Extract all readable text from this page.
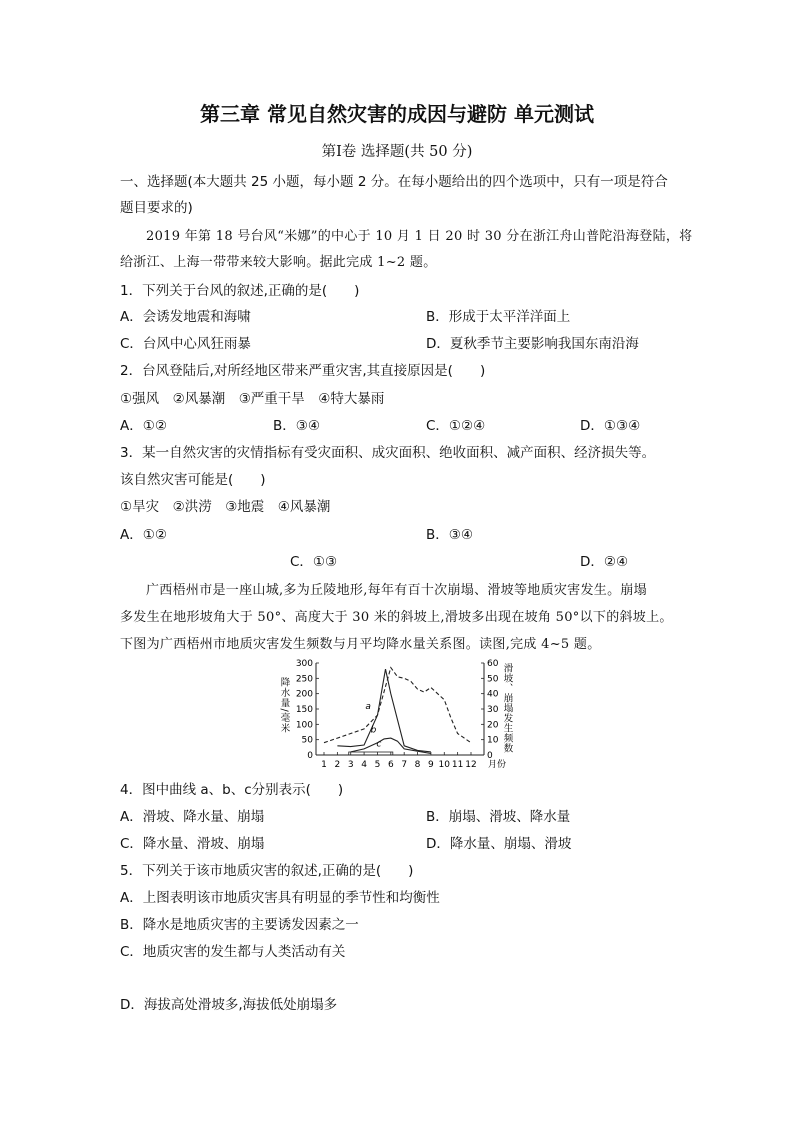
第三章 常见自然灾害的成因与避防 单元测试
第Ⅰ卷 选择题(共 50 分)
一、选择题(本大题共 25 小题，每小题 2 分。在每小题给出的四个选项中，只有一项是符合
题目要求的)
2019 年第 18 号台风“米娜”的中心于 10 月 1 日 20 时 30 分在浙江舟山普陀沿海登陆，将
给浙江、上海一带带来较大影响。据此完成 1~2 题。
1．下列关于台风的叙述,正确的是(　　)
A．会诱发地震和海啸	B．形成于太平洋洋面上
C．台风中心风狂雨暴	D．夏秋季节主要影响我国东南沿海
2．台风登陆后,对所经地区带来严重灾害,其直接原因是(　　)
①强风　②风暴潮　③严重干旱　④特大暴雨
A．①②	B．③④	C．①②④	D．①③④
3．某一自然灾害的灾情指标有受灾面积、成灾面积、绝收面积、减产面积、经济损失等。
该自然灾害可能是(　　)
①旱灾　②洪涝　③地震　④风暴潮
A．①②	B．③④
C．①③	D．②④
广西梧州市是一座山城,多为丘陵地形,每年有百十次崩塌、滑坡等地质灾害发生。崩塌
多发生在地形坡角大于 50°、高度大于 30 米的斜坡上,滑坡多出现在坡角 50°以下的斜坡上。
下图为广西梧州市地质灾害发生频数与月平均降水量关系图。读图,完成 4~5 题。
0
50
100
150
200
250
300
0
10
20
30
40
50
60
1 2 3 4 5 6 7 8 9 10 11 12 月份
a
b
c
降水量/毫米	滑坡、崩塌发生频数
4．图中曲线 a、b、c分别表示(　　)
A．滑坡、降水量、崩塌	B．崩塌、滑坡、降水量
C．降水量、滑坡、崩塌	D．降水量、崩塌、滑坡
5．下列关于该市地质灾害的叙述,正确的是(　　)
A．上图表明该市地质灾害具有明显的季节性和均衡性
B．降水是地质灾害的主要诱发因素之一
C．地质灾害的发生都与人类活动有关
D．海拔高处滑坡多,海拔低处崩塌多
